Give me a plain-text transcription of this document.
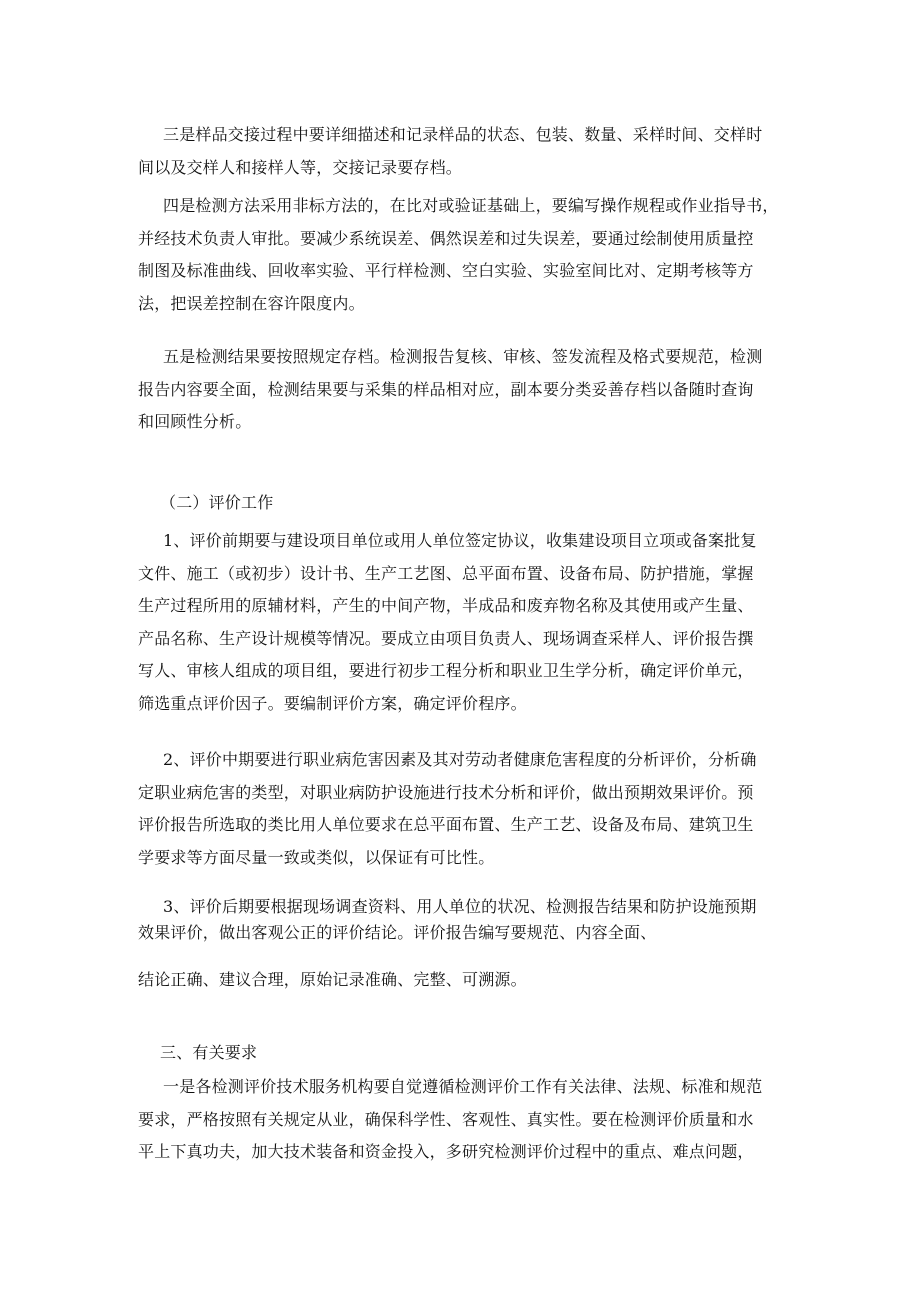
三是样品交接过程中要详细描述和记录样品的状态、包装、数量、采样时间、交样时
间以及交样人和接样人等，交接记录要存档。
四是检测方法采用非标方法的，在比对或验证基础上，要编写操作规程或作业指导书，
并经技术负责人审批。要减少系统误差、偶然误差和过失误差，要通过绘制使用质量控
制图及标准曲线、回收率实验、平行样检测、空白实验、实验室间比对、定期考核等方
法，把误差控制在容许限度内。
五是检测结果要按照规定存档。检测报告复核、审核、签发流程及格式要规范，检测
报告内容要全面，检测结果要与采集的样品相对应，副本要分类妥善存档以备随时查询
和回顾性分析。
（二）评价工作
1、评价前期要与建设项目单位或用人单位签定协议，收集建设项目立项或备案批复
文件、施工（或初步）设计书、生产工艺图、总平面布置、设备布局、防护措施，掌握
生产过程所用的原辅材料，产生的中间产物，半成品和废弃物名称及其使用或产生量、
产品名称、生产设计规模等情况。要成立由项目负责人、现场调查采样人、评价报告撰
写人、审核人组成的项目组，要进行初步工程分析和职业卫生学分析，确定评价单元，
筛选重点评价因子。要编制评价方案，确定评价程序。
2、评价中期要进行职业病危害因素及其对劳动者健康危害程度的分析评价，分析确
定职业病危害的类型，对职业病防护设施进行技术分析和评价，做出预期效果评价。预
评价报告所选取的类比用人单位要求在总平面布置、生产工艺、设备及布局、建筑卫生
学要求等方面尽量一致或类似，以保证有可比性。
3、评价后期要根据现场调查资料、用人单位的状况、检测报告结果和防护设施预期
效果评价，做出客观公正的评价结论。评价报告编写要规范、内容全面、
结论正确、建议合理，原始记录准确、完整、可溯源。
三、有关要求
一是各检测评价技术服务机构要自觉遵循检测评价工作有关法律、法规、标准和规范
要求，严格按照有关规定从业，确保科学性、客观性、真实性。要在检测评价质量和水
平上下真功夫，加大技术装备和资金投入，多研究检测评价过程中的重点、难点问题，
